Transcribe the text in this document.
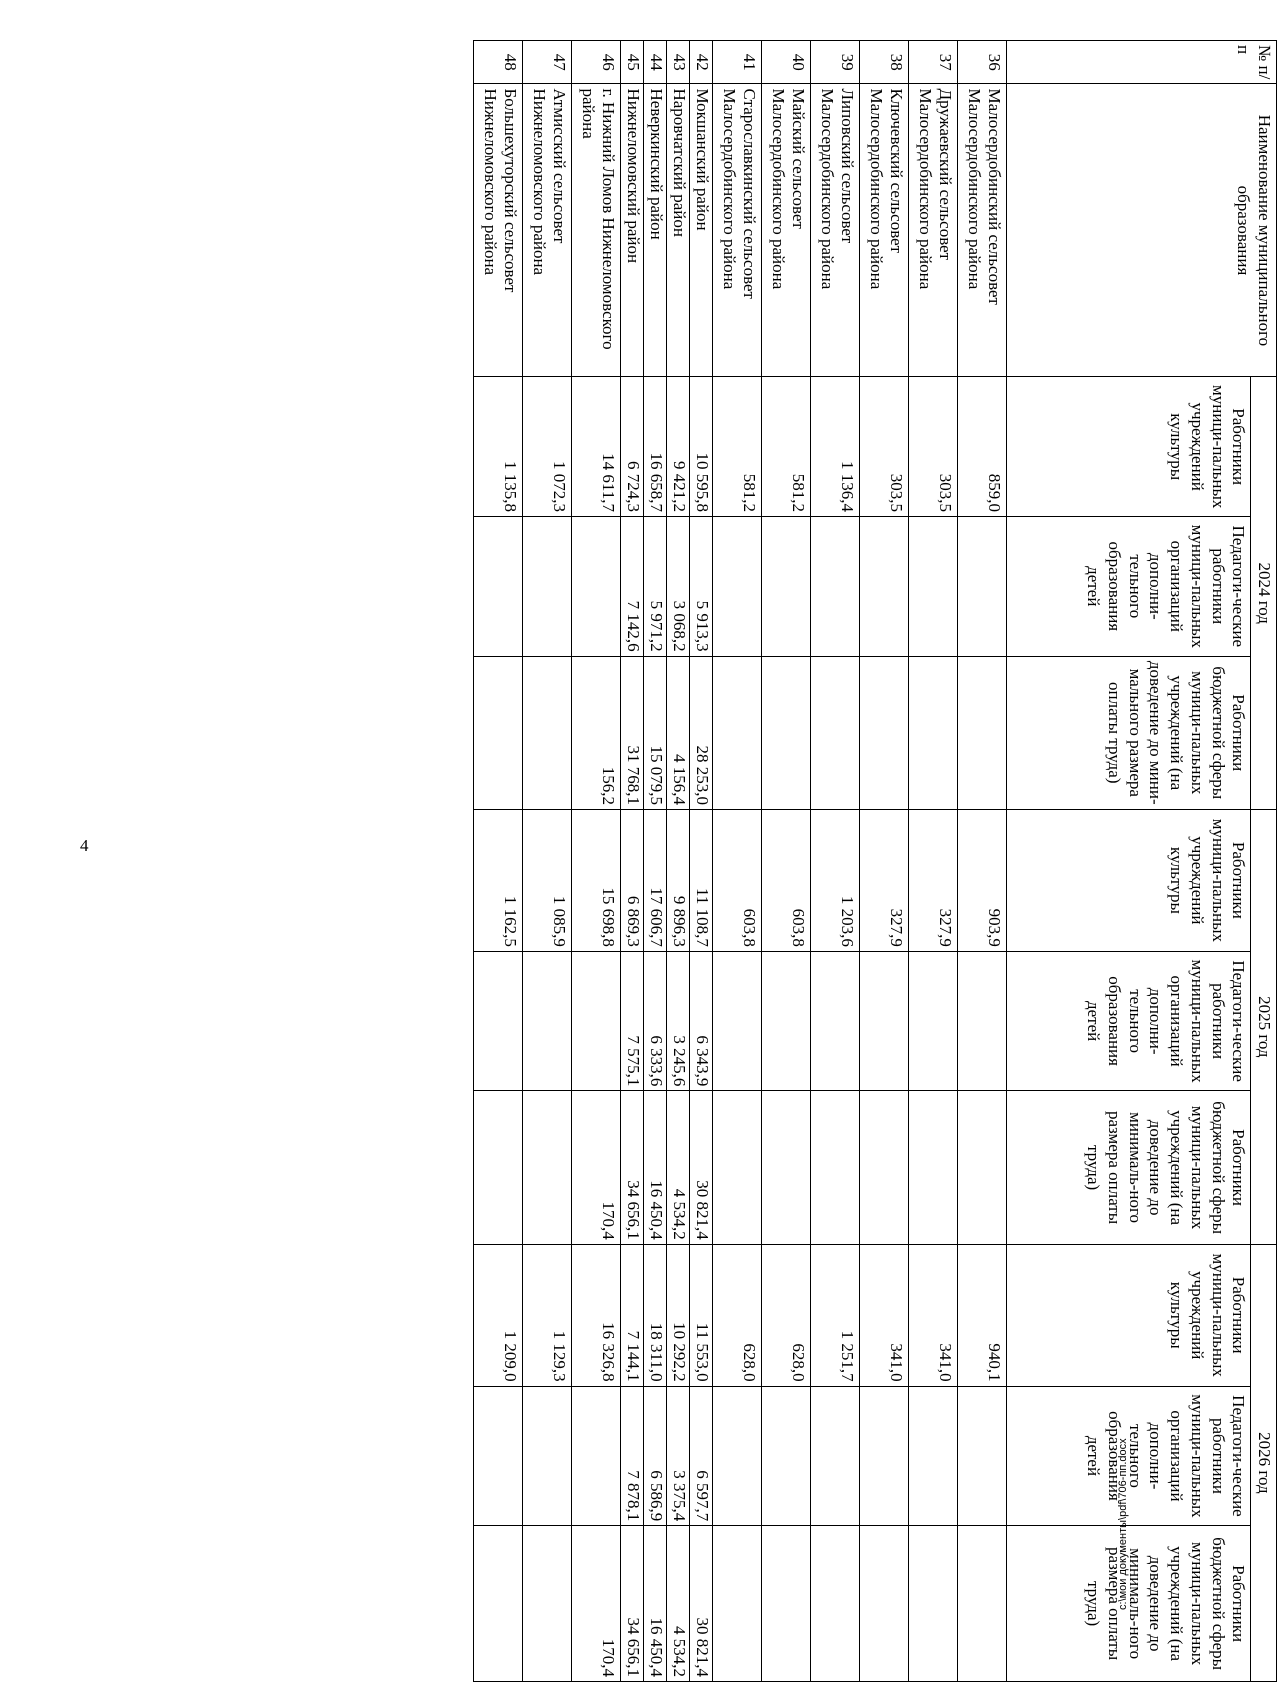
4
№ п/п	Наименование муниципального образования	2024 год			2025 год			2026 год		
		Работники муници-пальных учреждений культуры	Педагоги-ческие работники муници-пальных организаций дополни-тельного образования детей	Работники бюджетной сферы муници-пальных учреждений (на доведение до мини-мального размера оплаты труда)	Работники муници-пальных учреждений культуры	Педагоги-ческие работники муници-пальных организаций дополни-тельного образования детей	Работники бюджетной сферы муници-пальных учреждений (на доведение до минималь-ного размера оплаты труда)	Работники муници-пальных учреждений культуры	Педагоги-ческие работники муници-пальных организаций дополни-тельного образования детей	Работники бюджетной сферы муници-пальных учреждений (на доведение до минималь-ного размера оплаты труда)
36	Малосердобинский сельсовет Малосердобинского района	859,0			903,9			940,1		
37	Дружаевский сельсовет Малосердобинского района	303,5			327,9			341,0		
38	Ключевский сельсовет Малосердобинского района	303,5			327,9			341,0		
39	Липовский сельсовет Малосердобинского района	1 136,4			1 203,6			1 251,7		
40	Майский сельсовет Малосердобинского района	581,2			603,8			628,0		
41	Старославкинский сельсовет Малосердобинского района	581,2			603,8			628,0		
42	Мокшанский район	10 595,8	5 913,3	28 253,0	11 108,7	6 343,9	30 821,4	11 553,0	6 597,7	30 821,4
43	Наровчатский район	9 421,2	3 068,2	4 156,4	9 896,3	3 245,6	4 534,2	10 292,2	3 375,4	4 534,2
44	Неверкинский район	16 658,7	5 971,2	15 079,5	17 606,7	6 333,6	16 450,4	18 311,0	6 586,9	16 450,4
45	Нижнеломовский район	6 724,3	7 142,6	31 768,1	6 869,3	7 575,1	34 656,1	7 144,1	7 878,1	34 656,1
46	г. Нижний Ломов Нижнеломовского района	14 611,7		156,2	15 698,8		170,4	16 326,8		170,4
47	Атмисский сельсовет Нижнеломовского района	1 072,3			1 085,9			1 129,3		
48	Большехуторский сельсовет Нижнеломовского района	1 135,8			1 162,5			1 209,0		
c:\мои документы\pdf\706-пп.docx
